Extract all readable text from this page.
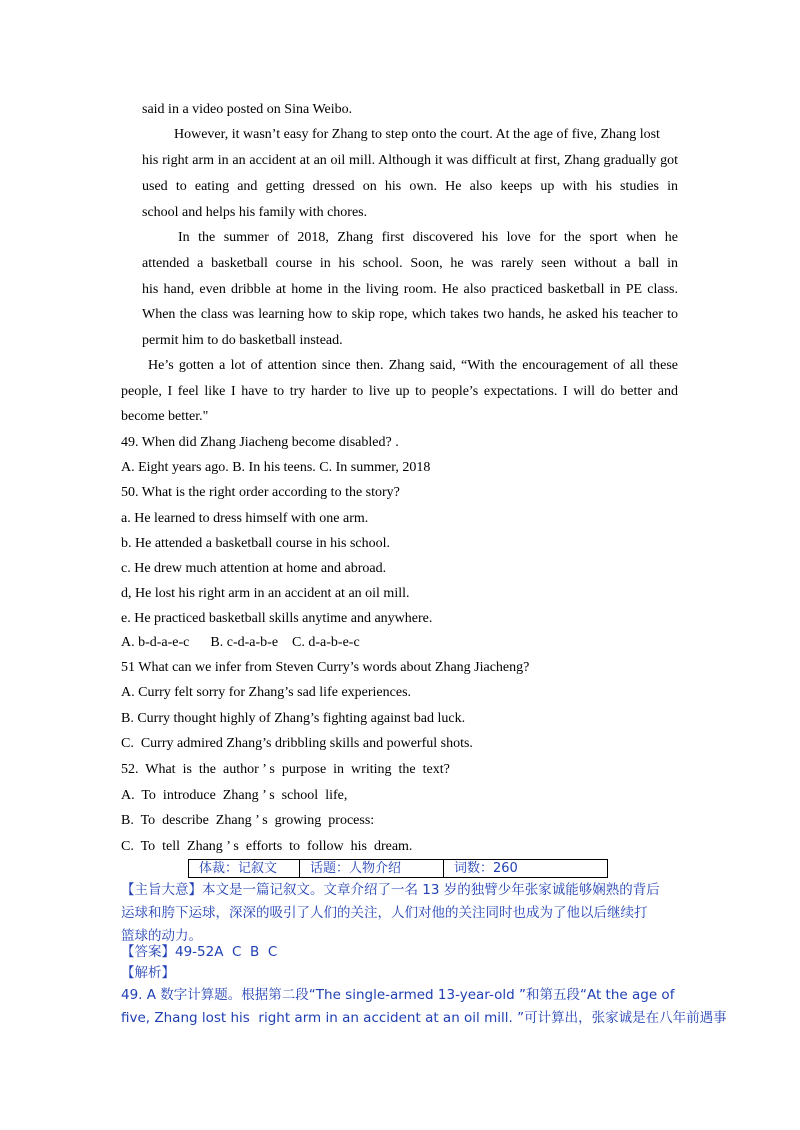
said in a video posted on Sina Weibo.
However, it wasn’t easy for Zhang to step onto the court. At the age of five, Zhang lost
his right arm in an accident at an oil mill. Although it was difficult at first, Zhang gradually got
used to eating and getting dressed on his own. He also keeps up with his studies in
school and helps his family with chores.
In the summer of 2018, Zhang first discovered his love for the sport when he
attended a basketball course in his school. Soon, he was rarely seen without a ball in
his hand, even dribble at home in the living room. He also practiced basketball in PE class.
When the class was learning how to skip rope, which takes two hands, he asked his teacher to
permit him to do basketball instead.
He’s gotten a lot of attention since then. Zhang said, “With the encouragement of all these
people, I feel like I have to try harder to live up to people’s expectations. I will do better and
become better."
49. When did Zhang Jiacheng become disabled? .
A. Eight years ago. B. In his teens. C. In summer, 2018
50. What is the right order according to the story?
a. He learned to dress himself with one arm.
b. He attended a basketball course in his school.
c. He drew much attention at home and abroad.
d, He lost his right arm in an accident at an oil mill.
e. He practiced basketball skills anytime and anywhere.
A. b-d-a-e-c      B. c-d-a-b-e    C. d-a-b-e-c
51 What can we infer from Steven Curry’s words about Zhang Jiacheng?
A. Curry felt sorry for Zhang’s sad life experiences.
B. Curry thought highly of Zhang’s fighting against bad luck.
C.  Curry admired Zhang’s dribbling skills and powerful shots.
52.  What  is  the  author ’ s  purpose  in  writing  the  text?
A.  To  introduce  Zhang ’ s  school  life,
B.  To  describe  Zhang ’ s  growing  process:
C.  To  tell  Zhang ’ s  efforts  to  follow  his  dream.
体裁：记叙文	话题：人物介绍	词数：260
【主旨大意】本文是一篇记叙文。文章介绍了一名 13 岁的独臂少年张家诚能够娴熟的背后
运球和胯下运球，深深的吸引了人们的关注，人们对他的关注同时也成为了他以后继续打
篮球的动力。
【答案】49-52A  C  B  C
【解析】
49. A 数字计算题。根据第二段“The single-armed 13-year-old ”和第五段“At the age of
five, Zhang lost his  right arm in an accident at an oil mill. ”可计算出，张家诚是在八年前遇事
